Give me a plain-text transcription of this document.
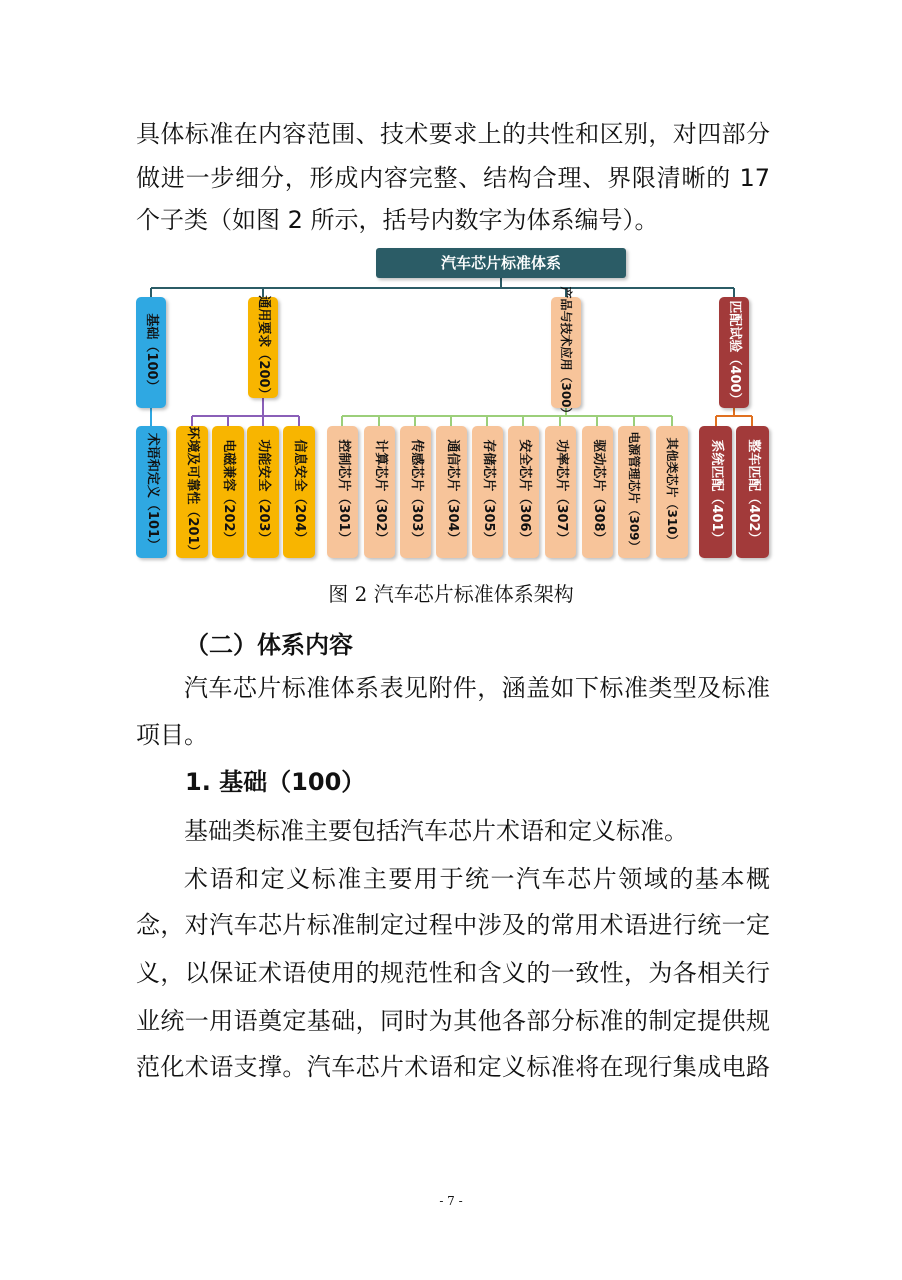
具体标准在内容范围、技术要求上的共性和区别，对四部分
做进一步细分，形成内容完整、结构合理、界限清晰的 17
个子类（如图 2 所示，括号内数字为体系编号）。
汽车芯片标准体系
基础（100）	通用要求（200）	产品与技术应用（300）	匹配试验（400）
术语和定义（101） 环境及可靠性（201） 电磁兼容（202） 功能安全（203） 信息安全（204） 控制芯片（301） 计算芯片（302） 传感芯片（303） 通信芯片（304） 存储芯片（305） 安全芯片（306） 功率芯片（307） 驱动芯片（308） 电源管理芯片（309） 其他类芯片（310） 系统匹配（401） 整车匹配（402）
图 2 汽车芯片标准体系架构
（二）体系内容
汽车芯片标准体系表见附件，涵盖如下标准类型及标准
项目。
1. 基础（100）
基础类标准主要包括汽车芯片术语和定义标准。
术语和定义标准主要用于统一汽车芯片领域的基本概
念，对汽车芯片标准制定过程中涉及的常用术语进行统一定
义，以保证术语使用的规范性和含义的一致性，为各相关行
业统一用语奠定基础，同时为其他各部分标准的制定提供规
范化术语支撑。汽车芯片术语和定义标准将在现行集成电路
- 7 -
